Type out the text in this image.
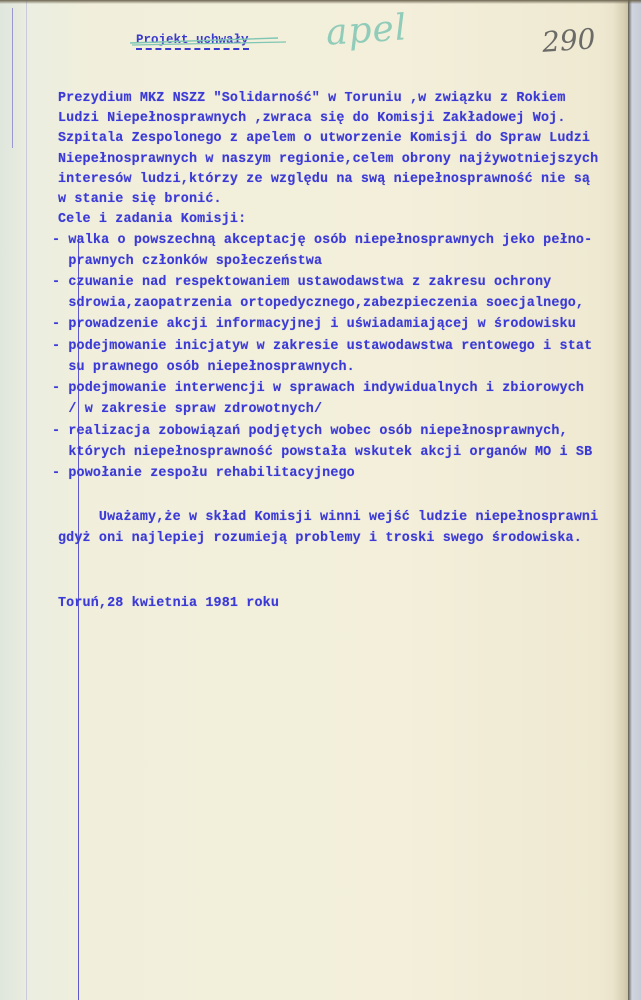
Projekt uchwały apel	290

Prezydium MKZ NSZZ "Solidarność" w Toruniu ,w związku z Rokiem

Ludzi Niepełnosprawnych ,zwraca się do Komisji Zakładowej Woj.

Szpitala Zespolonego z apelem o utworzenie Komisji do Spraw Ludzi

Niepełnosprawnych w naszym regionie,celem obrony najżywotniejszych

interesów ludzi,którzy ze względu na swą niepełnosprawność nie są

w stanie się bronić.

Cele i zadania Komisji:

- walka o powszechną akceptację osób niepełnosprawnych jeko pełno-

prawnych członków społeczeństwa

- czuwanie nad respektowaniem ustawodawstwa z zakresu ochrony

sdrowia,zaopatrzenia ortopedycznego,zabezpieczenia soecjalnego,

- prowadzenie akcji informacyjnej i uświadamiającej w środowisku

- podejmowanie inicjatyw w zakresie ustawodawstwa rentowego i stat

su prawnego osób niepełnosprawnych.

- podejmowanie interwencji w sprawach indywidualnych i zbiorowych

/ w zakresie spraw zdrowotnych/

- realizacja zobowiązań podjętych wobec osób niepełnosprawnych,

których niepełnosprawność powstała wskutek akcji organów MO i SB

- powołanie zespołu rehabilitacyjnego

Uważamy,że w skład Komisji winni wejść ludzie niepełnosprawni

gdyż oni najlepiej rozumieją problemy i troski swego środowiska.

Toruń,28 kwietnia 1981 roku
